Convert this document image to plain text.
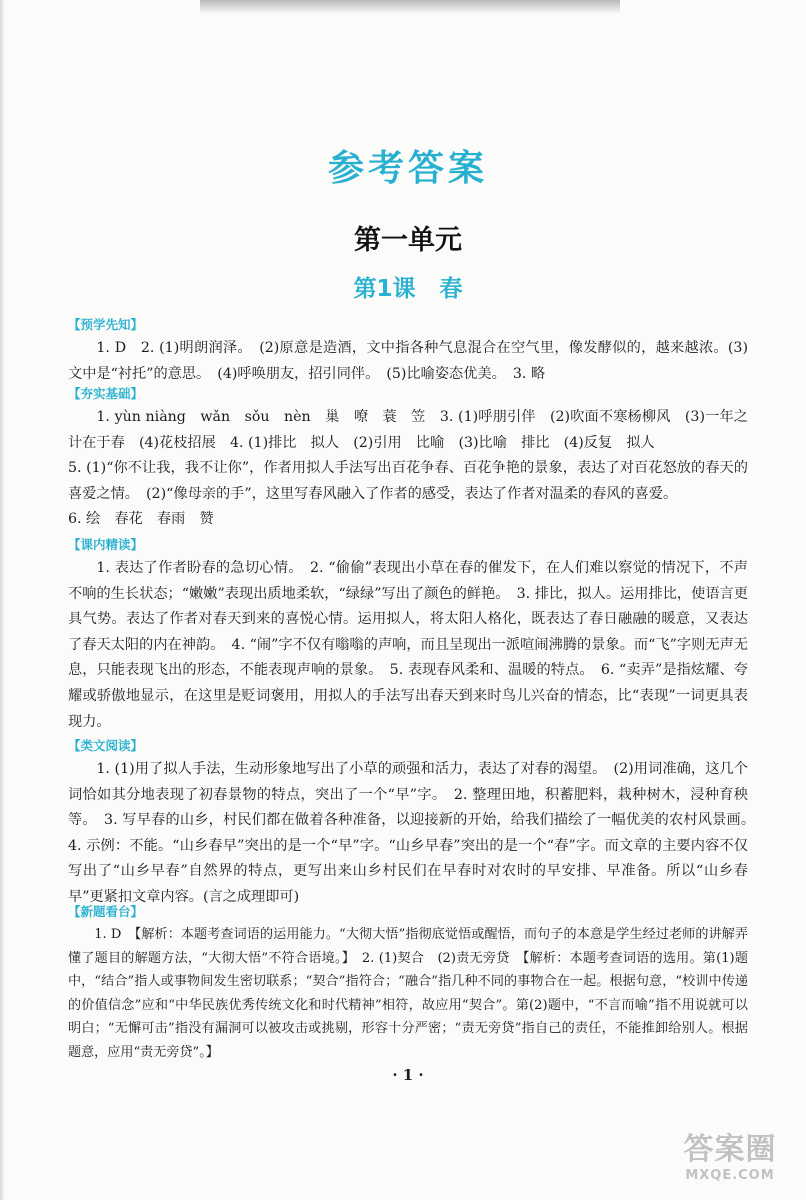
参考答案
第一单元
第1课 春
【预学先知】

1. D　2. (1)明朗润泽。　(2)原意是造酒，文中指各种气息混合在空气里，像发酵似的，越来越浓。(3)文中是“衬托”的意思。　(4)呼唤朋友，招引同伴。　(5)比喻姿态优美。　3. 略

【夯实基础】

1. yùn niàng　wǎn　sǒu　nèn　巢　嘹　蓑　笠　3. (1)呼朋引伴　(2)吹面不寒杨柳风　(3)一年之计在于春　(4)花枝招展　4. (1)排比　拟人　(2)引用　比喻　(3)比喻　排比　(4)反复　拟人

5. (1)“你不让我，我不让你”，作者用拟人手法写出百花争春、百花争艳的景象，表达了对百花怒放的春天的喜爱之情。　(2)“像母亲的手”，这里写春风融入了作者的感受，表达了作者对温柔的春风的喜爱。

6. 绘　春花　春雨　赞

【课内精读】

1. 表达了作者盼春的急切心情。　2. “偷偷”表现出小草在春的催发下，在人们难以察觉的情况下，不声不响的生长状态；“嫩嫩”表现出质地柔软，“绿绿”写出了颜色的鲜艳。　3. 排比，拟人。运用排比，使语言更具气势。表达了作者对春天到来的喜悦心情。运用拟人，将太阳人格化，既表达了春日融融的暖意，又表达了春天太阳的内在神韵。　4. “闹”字不仅有嗡嗡的声响，而且呈现出一派喧闹沸腾的景象。而“飞”字则无声无息，只能表现飞出的形态，不能表现声响的景象。　5. 表现春风柔和、温暖的特点。　6. “卖弄”是指炫耀、夸耀或骄傲地显示，在这里是贬词褒用，用拟人的手法写出春天到来时鸟儿兴奋的情态，比“表现”一词更具表现力。

【类文阅读】

1. (1)用了拟人手法，生动形象地写出了小草的顽强和活力，表达了对春的渴望。　(2)用词准确，这几个词恰如其分地表现了初春景物的特点，突出了一个“早”字。　2. 整理田地，积蓄肥料，栽种树木，浸种育秧等。　3. 写早春的山乡，村民们都在做着各种准备，以迎接新的开始，给我们描绘了一幅优美的农村风景画。　4. 示例：不能。“山乡春早”突出的是一个“早”字。“山乡早春”突出的是一个“春”字。而文章的主要内容不仅写出了“山乡早春”自然界的特点，更写出来山乡村民们在早春时对农时的早安排、早准备。所以“山乡春早”更紧扣文章内容。(言之成理即可)

【新题看台】

1. D　【解析：本题考查词语的运用能力。“大彻大悟”指彻底觉悟或醒悟，而句子的本意是学生经过老师的讲解弄懂了题目的解题方法，“大彻大悟”不符合语境。】　2. (1)契合　(2)责无旁贷　【解析：本题考查词语的选用。第(1)题中，“结合”指人或事物间发生密切联系；“契合”指符合；“融合”指几种不同的事物合在一起。根据句意，“校训中传递的价值信念”应和“中华民族优秀传统文化和时代精神”相符，故应用“契合”。第(2)题中，“不言而喻”指不用说就可以明白；“无懈可击”指没有漏洞可以被攻击或挑剔，形容十分严密；“责无旁贷”指自己的责任，不能推卸给别人。根据题意，应用“责无旁贷”。】

· 1 ·
答案圈
MXQE.COM
